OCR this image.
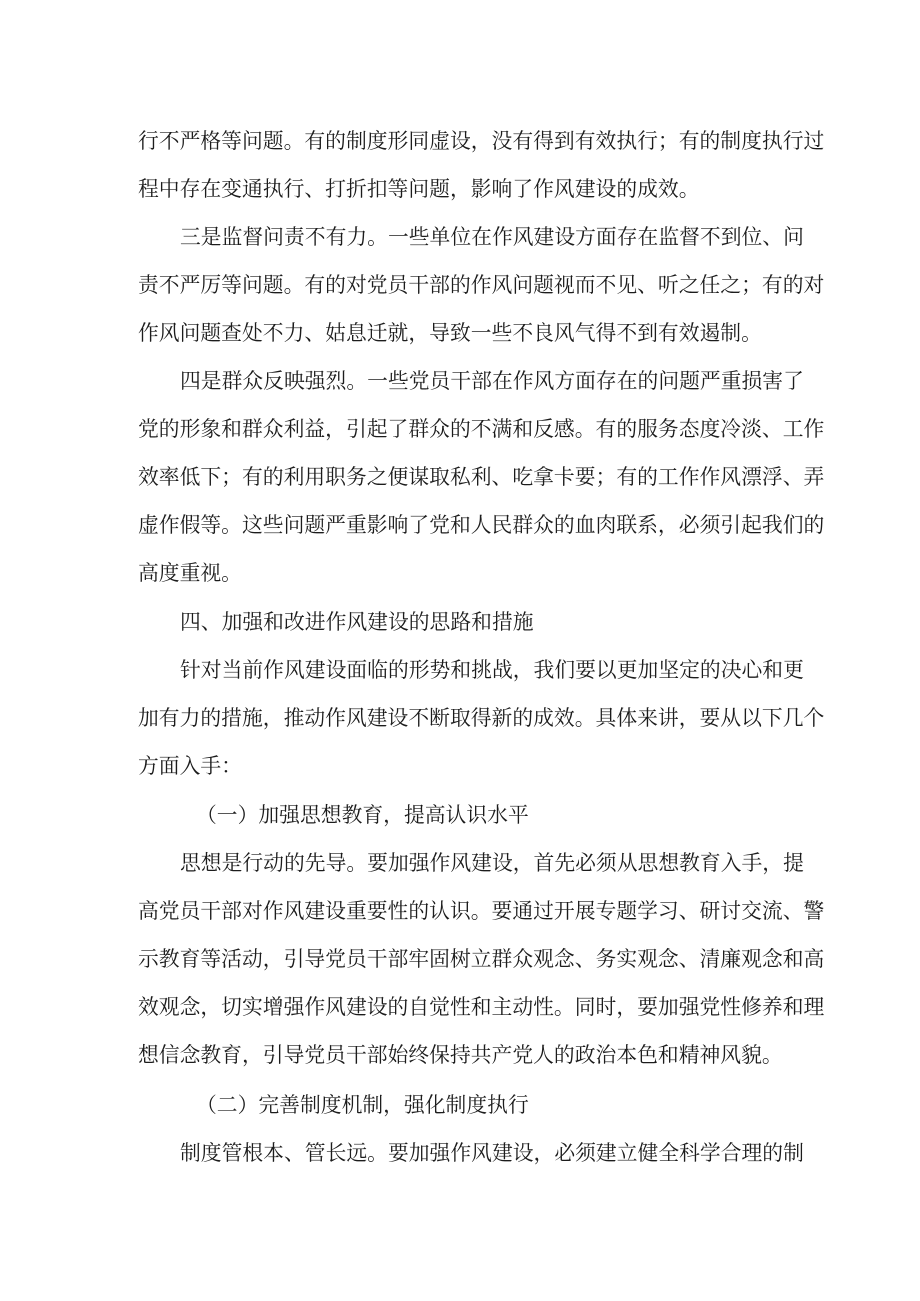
行不严格等问题。有的制度形同虚设，没有得到有效执行；有的制度执行过
程中存在变通执行、打折扣等问题，影响了作风建设的成效。
三是监督问责不有力。一些单位在作风建设方面存在监督不到位、问
责不严厉等问题。有的对党员干部的作风问题视而不见、听之任之；有的对
作风问题查处不力、姑息迁就，导致一些不良风气得不到有效遏制。
四是群众反映强烈。一些党员干部在作风方面存在的问题严重损害了
党的形象和群众利益，引起了群众的不满和反感。有的服务态度冷淡、工作
效率低下；有的利用职务之便谋取私利、吃拿卡要；有的工作作风漂浮、弄
虚作假等。这些问题严重影响了党和人民群众的血肉联系，必须引起我们的
高度重视。
四、加强和改进作风建设的思路和措施
针对当前作风建设面临的形势和挑战，我们要以更加坚定的决心和更
加有力的措施，推动作风建设不断取得新的成效。具体来讲，要从以下几个
方面入手：
（一）加强思想教育，提高认识水平
思想是行动的先导。要加强作风建设，首先必须从思想教育入手，提
高党员干部对作风建设重要性的认识。要通过开展专题学习、研讨交流、警
示教育等活动，引导党员干部牢固树立群众观念、务实观念、清廉观念和高
效观念，切实增强作风建设的自觉性和主动性。同时，要加强党性修养和理
想信念教育，引导党员干部始终保持共产党人的政治本色和精神风貌。
（二）完善制度机制，强化制度执行
制度管根本、管长远。要加强作风建设，必须建立健全科学合理的制
